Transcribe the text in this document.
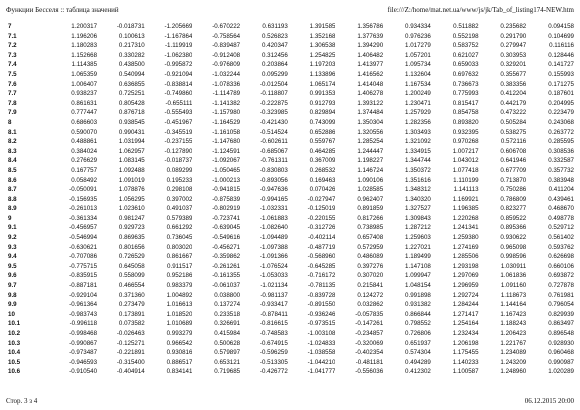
Функции Бесселя :: таблица значений	file:///Z:/home/mat.net.ua/www/js/jk/Tab_of_listing174-NEW.htm
7	1.200317	-0.018731	-1.205669	-0.670222	0.631193	1.391585	1.356786	0.934334	0.511882	0.235682	0.094158
7.1	1.196206	0.100613	-1.167864	-0.758564	0.526823	1.352168	1.377639	0.976236	0.552198	0.291790	0.104699
7.2	1.180283	0.217310	-1.119919	-0.839487	0.420347	1.306538	1.394290	1.017279	0.583752	0.279947	0.116116
7.3	1.152668	0.330282	-1.062380	-0.912408	0.312456	1.254825	1.406482	1.057201	0.621027	0.303953	0.128446
7.4	1.114385	0.438500	-0.995872	-0.976809	0.203864	1.197203	1.413977	1.095734	0.659033	0.329201	0.141727
7.5	1.065359	0.540994	-0.921094	-1.032244	0.095299	1.133896	1.416562	1.132604	0.697632	0.355677	0.155993
7.6	1.006407	0.636855	-0.838814	-1.078336	-0.012504	1.065174	1.414048	1.167534	0.736673	0.383356	0.171275
7.7	0.938237	0.725251	-0.749860	-1.114789	-0.118807	0.991353	1.406278	1.200249	0.775993	0.412204	0.187601
7.8	0.861631	0.805428	-0.655111	-1.141382	-0.222875	0.912793	1.393122	1.230471	0.815417	0.442179	0.204995
7.9	0.777447	0.876718	-0.555493	-1.157980	-0.323985	0.829894	1.374484	1.257929	0.854758	0.473222	0.223479
8	0.686603	0.938545	-0.451967	-1.164529	-0.421430	0.743099	1.350304	1.282356	0.893820	0.505284	0.243068
8.1	0.590070	0.990431	-0.345519	-1.161058	-0.514524	0.652886	1.320556	1.303493	0.932395	0.538275	0.263772
8.2	0.488861	1.031994	-0.237155	-1.147680	-0.602611	0.559767	1.285254	1.321092	0.970268	0.572116	0.285595
8.3	0.384024	1.062957	-0.127890	-1.124591	-0.685067	0.464285	1.244447	1.334915	1.007217	0.606708	0.308536
8.4	0.276629	1.083145	-0.018737	-1.092067	-0.761311	0.367009	1.198227	1.344744	1.043012	0.641946	0.332587
8.5	0.167757	1.092488	0.089299	-1.050465	-0.830803	0.268532	1.146724	1.350372	1.077418	0.677709	0.357732
8.6	0.058492	1.091019	0.195233	-1.000213	-0.893056	0.169463	1.090106	1.351616	1.110199	0.713870	0.383948
8.7	-0.050091	1.078876	0.298108	-0.941815	-0.947636	0.070426	1.028585	1.348312	1.141113	0.750286	0.411204
8.8	-0.156935	1.056295	0.397002	-0.875839	-0.994165	-0.027947	0.962407	1.340320	1.169921	0.786809	0.439461
8.9	-0.261013	1.023610	0.491037	-0.802919	-1.032331	-0.125019	0.891859	1.327527	1.196385	0.823277	0.468670
9	-0.361334	0.981247	0.579389	-0.723741	-1.061883	-0.220155	0.817266	1.309843	1.220268	0.859522	0.498778
9.1	-0.456957	0.929723	0.661292	-0.639045	-1.082640	-0.312726	0.738985	1.287212	1.241341	0.895366	0.529712
9.2	-0.546994	0.869635	0.736045	-0.549616	-1.094489	-0.402114	0.657408	1.259603	1.259380	0.930622	0.561402
9.3	-0.630621	0.801656	0.803020	-0.456271	-1.097388	-0.487719	0.572959	1.227021	1.274169	0.965098	0.593762
9.4	-0.707086	0.726529	0.861667	-0.359862	-1.091366	-0.568960	0.486089	1.189499	1.285506	0.998596	0.626698
9.5	-0.775715	0.645058	0.911517	-0.261261	-1.076524	-0.645285	0.397276	1.147108	1.293198	1.030911	0.660106
9.6	-0.835915	0.558099	0.952186	-0.161355	-1.053033	-0.716172	0.307020	1.099947	1.297069	1.061836	0.693872
9.7	-0.887181	0.466554	0.983379	-0.061037	-1.021134	-0.781135	0.215841	1.048154	1.296959	1.091160	0.727878
9.8	-0.929104	0.371360	1.004892	0.038800	-0.981137	-0.839728	0.124272	0.991898	1.292724	1.118673	0.761981
9.9	-0.961364	0.273479	1.016613	0.137274	-0.933417	-0.891550	0.032862	0.931382	1.284244	1.144164	0.796054
10	-0.983743	0.173891	1.018520	0.233518	-0.878411	-0.936246	-0.057835	0.866844	1.271417	1.167423	0.829939
10.1	-0.996118	0.073582	1.010689	0.326691	-0.816615	-0.973515	-0.147261	0.798552	1.254164	1.188243	0.863497
10.2	-0.998468	-0.026463	0.993279	0.415984	-0.748583	-1.003108	-0.234857	0.726806	1.232434	1.206423	0.896548
10.3	-0.990867	-0.125271	0.966542	0.500628	-0.674915	-1.024833	-0.320069	0.651937	1.206198	1.221767	0.928930
10.4	-0.973487	-0.221891	0.930816	0.579897	-0.596259	-1.038558	-0.402354	0.574304	1.175455	1.234089	0.960468
10.5	-0.946593	-0.315400	0.886517	0.653121	-0.513305	-1.044210	-0.481181	0.494289	1.140233	1.243209	0.990987
10.6	-0.910540	-0.404914	0.834141	0.719685	-0.426772	-1.041777	-0.556036	0.412302	1.100587	1.248960	1.020289
Стор. 3 з 4	06.12.2015 20:00
